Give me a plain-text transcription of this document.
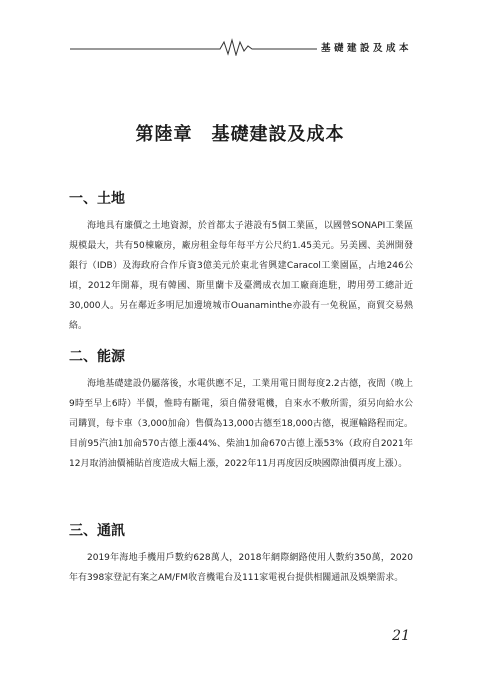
基礎建設及成本
第陸章　基礎建設及成本
一、土地

海地具有廉價之土地資源，於首都太子港設有5個工業區，以國營SONAPI工業區規模最大，共有50棟廠房，廠房租金每年每平方公尺約1.45美元。另美國、美洲開發銀行（IDB）及海政府合作斥資3億美元於東北省興建Caracol工業園區，占地246公頃，2012年開幕，現有韓國、斯里蘭卡及臺灣成衣加工廠商進駐，聘用勞工總計近30,000人。另在鄰近多明尼加邊境城市Ouanaminthe亦設有一免稅區，商貿交易熱絡。

二、能源

海地基礎建設仍屬落後，水電供應不足，工業用電日間每度2.2古德，夜間（晚上9時至早上6時）半價，惟時有斷電，須自備發電機，自來水不敷所需，須另向給水公司購買，每卡車（3,000加侖）售價為13,000古德至18,000古德，視運輸路程而定。目前95汽油1加侖570古德上漲44%、柴油1加侖670古德上漲53%（政府自2021年12月取消油價補貼首度造成大幅上漲，2022年11月再度因反映國際油價再度上漲）。

三、通訊

2019年海地手機用戶數約628萬人，2018年網際網路使用人數約350萬，2020年有398家登記有案之AM/FM收音機電台及111家電視台提供相關通訊及娛樂需求。

21
